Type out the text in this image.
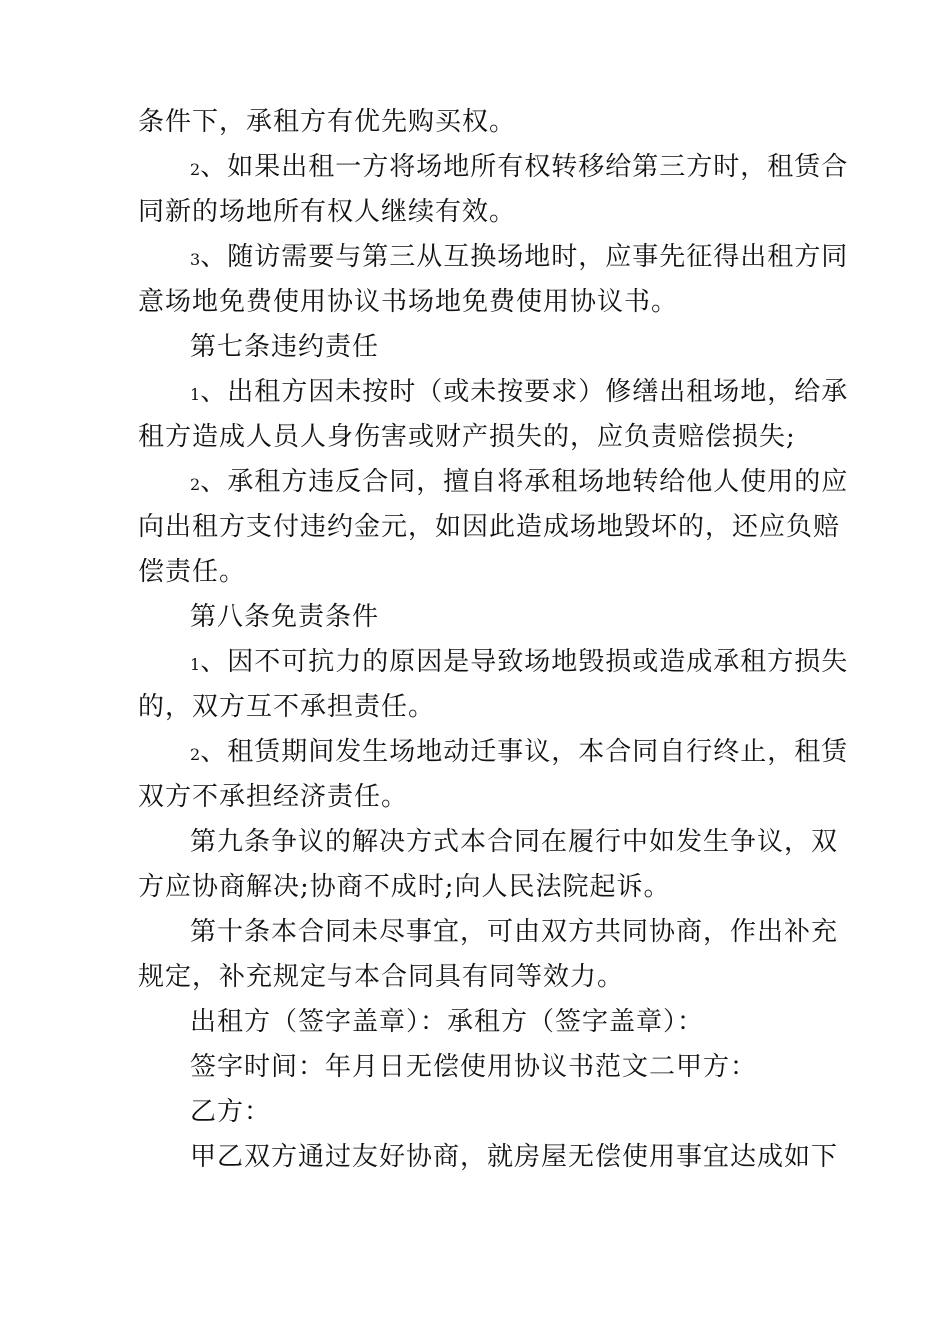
条件下，承租方有优先购买权。
2、如果出租一方将场地所有权转移给第三方时，租赁合
同新的场地所有权人继续有效。
3、随访需要与第三从互换场地时，应事先征得出租方同
意场地免费使用协议书场地免费使用协议书。
第七条违约责任
1、出租方因未按时（或未按要求）修缮出租场地，给承
租方造成人员人身伤害或财产损失的，应负责赔偿损失;
2、承租方违反合同，擅自将承租场地转给他人使用的应
向出租方支付违约金元，如因此造成场地毁坏的，还应负赔
偿责任。
第八条免责条件
1、因不可抗力的原因是导致场地毁损或造成承租方损失
的，双方互不承担责任。
2、租赁期间发生场地动迁事议，本合同自行终止，租赁
双方不承担经济责任。
第九条争议的解决方式本合同在履行中如发生争议，双
方应协商解决;协商不成时;向人民法院起诉。
第十条本合同未尽事宜，可由双方共同协商，作出补充
规定，补充规定与本合同具有同等效力。
出租方（签字盖章）：承租方（签字盖章）：
签字时间：年月日无偿使用协议书范文二甲方：
乙方：
甲乙双方通过友好协商，就房屋无偿使用事宜达成如下
